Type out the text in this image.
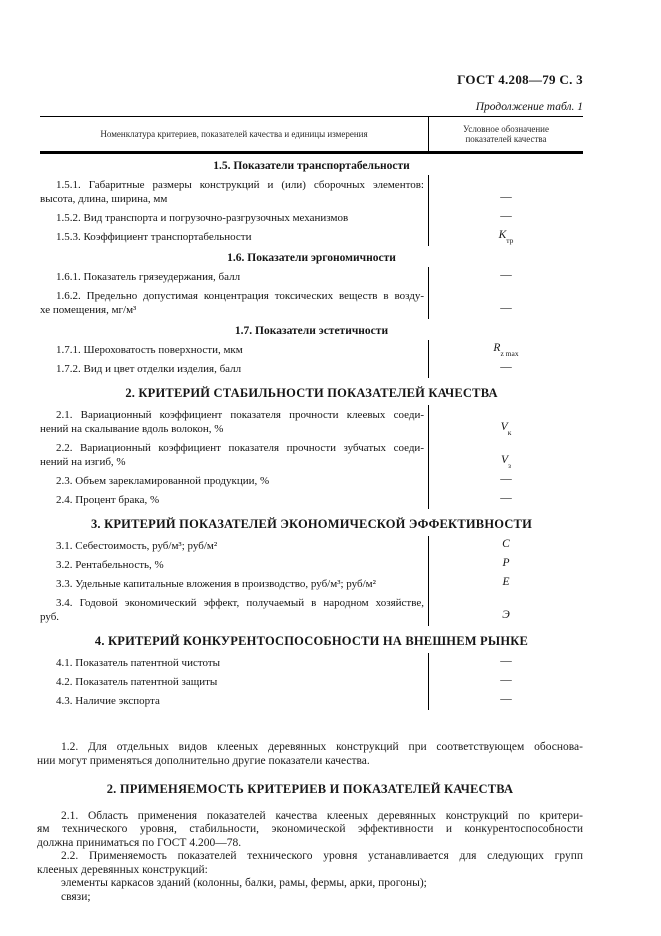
ГОСТ 4.208—79 С. 3
Продолжение табл. 1
Номенклатура критериев, показателей качества и единицы измерения	Условное обозначение показателей качества
1.5. Показатели транспортабельности
1.5.1. Габаритные размеры конструкций и (или) сборочных элементов:
высота, длина, ширина, мм	—
1.5.2. Вид транспорта и погрузочно-разгрузочных механизмов	—
1.5.3. Коэффициент транспортабельности	K тр
1.6. Показатели эргономичности
1.6.1. Показатель грязеудержания, балл	—
1.6.2. Предельно допустимая концентрация токсических веществ в возду-
хе помещения, мг/м³	—
1.7. Показатели эстетичности
1.7.1. Шероховатость поверхности, мкм	R z max
1.7.2. Вид и цвет отделки изделия, балл	—
2. КРИТЕРИЙ СТАБИЛЬНОСТИ ПОКАЗАТЕЛЕЙ КАЧЕСТВА
2.1. Вариационный коэффициент показателя прочности клеевых соеди-
нений на скалывание вдоль волокон, %	V к
2.2. Вариационный коэффициент показателя прочности зубчатых соеди-
нений на изгиб, %	V з
2.3. Объем зарекламированной продукции, %	—
2.4. Процент брака, %	—
3. КРИТЕРИЙ ПОКАЗАТЕЛЕЙ ЭКОНОМИЧЕСКОЙ ЭФФЕКТИВНОСТИ
3.1. Себестоимость, руб/м³; руб/м²	С
3.2. Рентабельность, %	Р
3.3. Удельные капитальные вложения в производство, руб/м³; руб/м²	Е
3.4. Годовой экономический эффект, получаемый в народном хозяйстве,
руб.	Э
4. КРИТЕРИЙ КОНКУРЕНТОСПОСОБНОСТИ НА ВНЕШНЕМ РЫНКЕ
4.1. Показатель патентной чистоты	—
4.2. Показатель патентной защиты	—
4.3. Наличие экспорта	—
1.2. Для отдельных видов клееных деревянных конструкций при соответствующем обоснова-
нии могут применяться дополнительно другие показатели качества.
2. ПРИМЕНЯЕМОСТЬ КРИТЕРИЕВ И ПОКАЗАТЕЛЕЙ КАЧЕСТВА
2.1. Область применения показателей качества клееных деревянных конструкций по критери-
ям технического уровня, стабильности, экономической эффективности и конкурентоспособности
должна приниматься по ГОСТ 4.200—78.
2.2. Применяемость показателей технического уровня устанавливается для следующих групп
клееных деревянных конструкций:
элементы каркасов зданий (колонны, балки, рамы, фермы, арки, прогоны);
связи;
